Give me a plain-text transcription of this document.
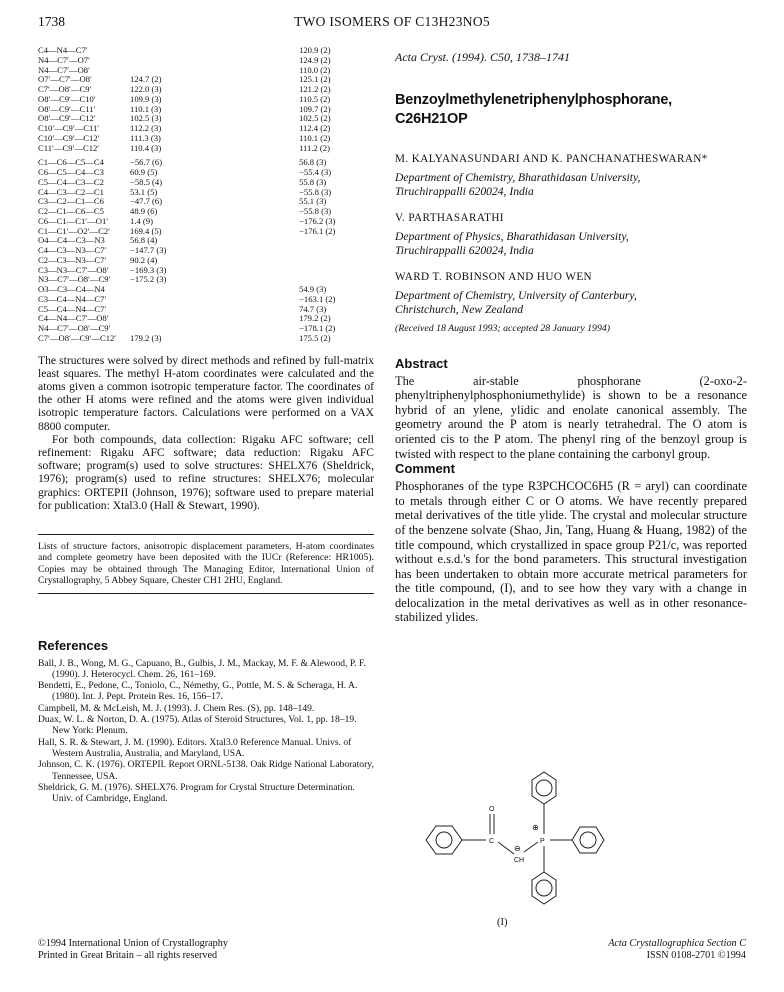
1738	TWO ISOMERS OF C13H23NO5
C4—N4—C7′			120.9 (2)
N4—C7′—O7′			124.9 (2)
N4—C7′—O8′			110.0 (2)
O7′—C7′—O8′	124.7 (2)		125.1 (2)
C7′—O8′—C9′	122.0 (3)		121.2 (2)
O8′—C9′—C10′	109.9 (3)		110.5 (2)
O8′—C9′—C11′	110.1 (3)		109.7 (2)
O8′—C9′—C12′	102.5 (3)		102.5 (2)
C10′—C9′—C11′	112.2 (3)		112.4 (2)
C10′—C9′—C12′	111.3 (3)		110.1 (2)
C11′—C9′—C12′	110.4 (3)		111.2 (2)

C1—C6—C5—C4	−56.7 (6)		56.8 (3)
C6—C5—C4—C3	60.9 (5)		−55.4 (3)
C5—C4—C3—C2	−58.5 (4)		55.8 (3)
C4—C3—C2—C1	53.1 (5)		−55.8 (3)
C3—C2—C1—C6	−47.7 (6)		55.1 (3)
C2—C1—C6—C5	48.9 (6)		−55.8 (3)
C6—C1—C1′—O1′	1.4 (9)		−176.2 (3)
C1—C1′—O2′—C2′	169.4 (5)		−176.1 (2)
O4—C4—C3—N3	56.8 (4)		
C4—C3—N3—C7′	−147.7 (3)		
C2—C3—N3—C7′	90.2 (4)		
C3—N3—C7′—O8′	−169.3 (3)		
N3—C7′—O8′—C9′	−175.2 (3)		
O3—C3—C4—N4			54.9 (3)
C3—C4—N4—C7′			−163.1 (2)
C5—C4—N4—C7′			74.7 (3)
C4—N4—C7′—O8′			179.2 (2)
N4—C7′—O8′—C9′			−178.1 (2)
C7′—O8′—C9′—C12′	179.2 (3)		175.5 (2)

The structures were solved by direct methods and refined by full-matrix least squares. The methyl H-atom coordinates were calculated and the atoms given a common isotropic temperature factor. The coordinates of the other H atoms were refined and the atoms were given individual isotropic temperature factors. Calculations were performed on a VAX 8800 computer.

For both compounds, data collection: Rigaku AFC software; cell refinement: Rigaku AFC software; data reduction: Rigaku AFC software; program(s) used to solve structures: SHELX76 (Sheldrick, 1976); program(s) used to refine structures: SHELX76; molecular graphics: ORTEPII (Johnson, 1976); software used to prepare material for publication: Xtal3.0 (Hall & Stewart, 1990).

Lists of structure factors, anisotropic displacement parameters, H-atom coordinates and complete geometry have been deposited with the IUCr (Reference: HR1005). Copies may be obtained through The Managing Editor, International Union of Crystallography, 5 Abbey Square, Chester CH1 2HU, England.

References
Ball, J. B., Wong, M. G., Capuano, B., Gulbis, J. M., Mackay, M. F. & Alewood, P. F. (1990). J. Heterocycl. Chem. 26, 161–169.
Bendetti, E., Pedone, C., Toniolo, C., Némethy, G., Pottle, M. S. & Scheraga, H. A. (1980). Int. J. Pept. Protein Res. 16, 156–17.
Campbell, M. & McLeish, M. J. (1993). J. Chem Res. (S), pp. 148–149.
Duax, W. L. & Norton, D. A. (1975). Atlas of Steroid Structures, Vol. 1, pp. 18–19. New York: Plenum.
Hall, S. R. & Stewart, J. M. (1990). Editors. Xtal3.0 Reference Manual. Univs. of Western Australia, Australia, and Maryland, USA.
Johnson, C. K. (1976). ORTEPII. Report ORNL-5138. Oak Ridge National Laboratory, Tennessee, USA.
Sheldrick, G. M. (1976). SHELX76. Program for Crystal Structure Determination. Univ. of Cambridge, England.
©1994 International Union of Crystallography
Printed in Great Britain – all rights reserved
Acta Crystallographica Section C
ISSN 0108-2701 ©1994
Acta Cryst. (1994). C50, 1738–1741
Benzoylmethylenetriphenylphosphorane,
C26H21OP
M. KALYANASUNDARI AND K. PANCHANATHESWARAN*
Department of Chemistry, Bharathidasan University,
Tiruchirappalli 620024, India
V. PARTHASARATHI
Department of Physics, Bharathidasan University,
Tiruchirappalli 620024, India
WARD T. ROBINSON AND HUO WEN
Department of Chemistry, University of Canterbury,
Christchurch, New Zealand
(Received 18 August 1993; accepted 28 January 1994)
Abstract

The air-stable phosphorane (2-oxo-2-phenyltriphenylphosphoniumethylide) is shown to be a resonance hybrid of an ylene, ylidic and enolate canonical assembly. The geometry around the P atom is nearly tetrahedral. The O atom is oriented cis to the P atom. The phenyl ring of the benzoyl group is twisted with respect to the plane containing the carbonyl group.

Comment

Phosphoranes of the type R3PCHCOC6H5 (R = aryl) can coordinate to metals through either C or O atoms. We have recently prepared metal derivatives of the title ylide. The crystal and molecular structure of the benzene solvate (Shao, Jin, Tang, Huang & Huang, 1982) of the title compound, which crystallized in space group P21/c, was reported without e.s.d.'s for the bond parameters. This structural investigation has been undertaken to obtain more accurate metrical parameters for the title compound, (I), and to see how they vary with a change in delocalization in the metal derivatives as well as in other resonance-stabilized ylides.

O
C	P
CH
⊕
⊖
(I)
